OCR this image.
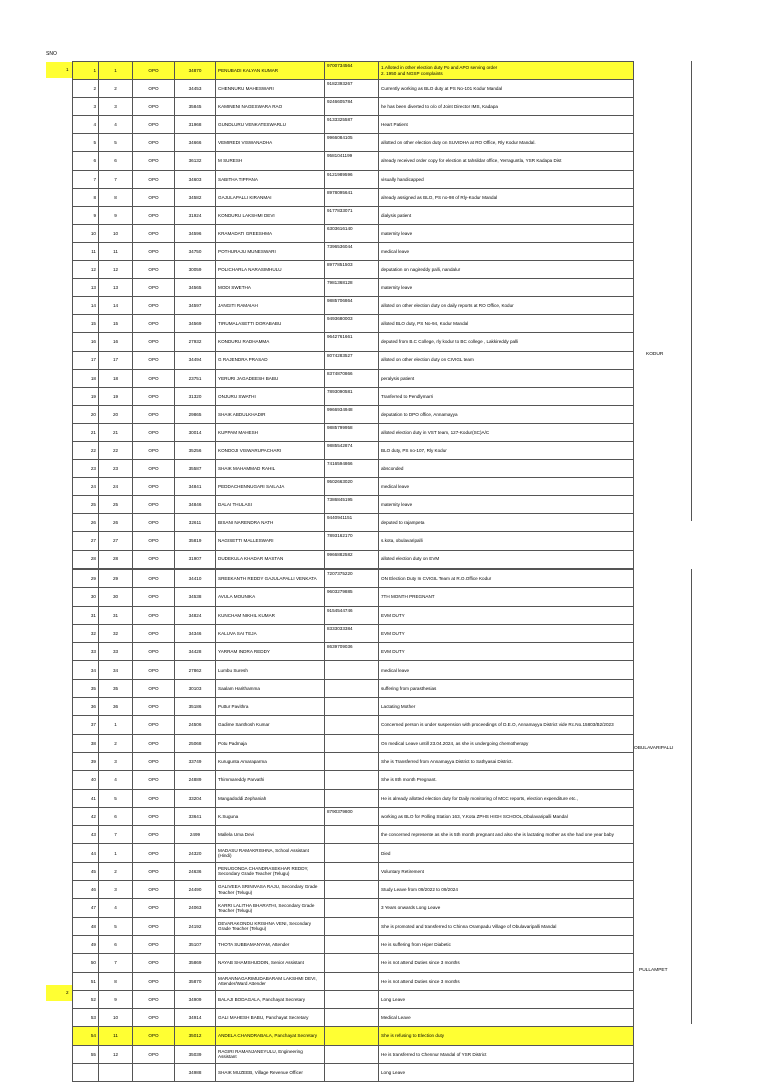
SNO
1
2
1	1	OPO	34870	PENUBADI KALYAN KUMAR	9700734564	1.Alloted in other election duty Po and APO serving order
2. 1950 and NGSP complaints
2	2	OPO	34453	CHENNURU MAHESWARI	9182393267	Currently working as BLO duty at PS No-101 Kodur Mandal
3	3	OPO	35845	KAMINENI NAGESWARA RAO	9246605784	he has been diverted to o/o of Joint Director IMS, Kadapa
4	4	OPO	31968	GUNDLURU VENKATESWARLU	9133325587	Heart Patient
5	5	OPO	34666	VEMIREDI VISWANADHA	9966084105	allotted on other election duty on SUVIDHA at RO Office, Rly Kodur Mandal.
6	6	OPO	36132	M SURESH	9581041199	already received order copy for election at tahsildar office, Yerraguntla, YSR Kadapa Dist
7	7	OPO	34603	SABITHA TIPPANA	9121989596	visually handicapped
8	8	OPO	34582	GAJULAPALLI KIRANMAI	8978095641	already assigned as BLO, PS no-98 of Rly-Kodur Mandal
9	9	OPO	31924	KONDURU LAKSHMI DEVI	9177833071	dialysis patient
10	10	OPO	34596	KRAMADATI GREESHMA	6303616140	maternity leave
11	11	OPO	34750	POTHURAJU MUNESWARI	7396536044	medical leave
12	12	OPO	30059	POLICHARLA NARASIMHULU	8977851503	deputation on nagireddy palli, nandalur
13	13	OPO	34565	MODI SWETHA	7981368128	maternity leave
14	14	OPO	34597	JANGITI RAMAIAH	9885706864	alloted on other election duty on daily reports at RO Office, Kodur
15	15	OPO	34569	TIRUMALASETTI DORABABU	9493680003	alloted BLO duty, PS No-94, Kodur Mandal
16	16	OPO	27932	KONDURU RADHAMMA	9642761661	deputed from B.C College, rly kodur to BC college , Lakkireddy palli
17	17	OPO	34494	G RAJENDRA PRASAD	8074283527	alloted on other election duty on CIVIGL team
18	18	OPO	23751	YERURI JAGADEESH BABU	8374870866	peralysis patient
19	19	OPO	31320	ONJURU SWATHI	7893090581	Tranferred to Pendlymarri
20	20	OPO	29865	SHAIK ABDULKHADIR	9966934948	deputation to DPO office, Annamayya
21	21	OPO	30014	KUPPAM MAHESH	9885799958	alloted election duty in VST team, 127-Kodur(SC)A/C
22	22	OPO	35256	KONDOJI VISWARUPACHARI	9885542874	BLO duty, PS no-107, Rly Kodur
23	23	OPO	35587	SHAIK MAHAMMAD RAHIL	7416594866	absconded
24	24	OPO	34841	PEDDACHENNUGARI SAILAJA	9502663020	medical leave
25	25	OPO	34846	DALAI THULASI	7386845195	maternity leave
26	26	OPO	32611	BISANI NARENDRA NATH	9440941151	deputed to rajampeta
27	27	OPO	35819	NAGISETTI MALLESWARI	7893162170	s.kota, obulavaripalli
28	28	OPO	31907	DUDEKULA KHADAR MASTAN	9966882582	alloted election duty on EVM
29	29	OPO	34410	SREEKANTH REDDY GAJULAPALLI VENKATA	7207375220	ON Election Duty In CVIGIL Team at R.O.Office Kodur
30	30	OPO	34538	AVULA MOUNIKA	9603279885	7TH MONTH PREGNANT
31	31	OPO	34824	KUNCHAM NIKHIL KUMAR	9154544746	EVM DUTY
32	32	OPO	34346	KALUVA SAI TEJA	8333033384	EVM DUTY
33	33	OPO	34428	YARRAM INDRA REDDY	8639709036	EVM DUTY
34	34	OPO	27862	Lumbu Suresh		medical leave
35	35	OPO	30103	Saalam Harithamma		suffering from parasthesias
36	36	OPO	35186	Puttur Pavithra		Lactating Mother
37	1	OPO	24506	Gadime Santhosh Kumar		Concerned person is under suspension with proceedings of D.E.O, Annamayya District vide Rc.No.15803/B2/2023
38	2	OPO	25068	Potu Padmaja		On medical Leave untill 23.04.2024, as she is undergoing chemotherapy
39	3	OPO	33749	Kurugunta Amaraparma		She is Transferred from Annamayya District to Sathyasai District.
40	4	OPO	24889	Thimmareddy Parvathi		She is 8th month Pregnant.
41	5	OPO	33204	Mangadoddi Zephaniah		He is already allotted election duty for Daily monitoring of MCC reports, election expenditure etc.,
42	6	OPO	33641	K.Suguna	8790379800	working as BLO for Polling Station 163, Y.Kota ZPHS HIGH SCHOOL,Obulavaripalli Mandal
43	7	OPO	2499	Mallela Uma Devi		the concerned represente as she is 5th month pregnant and also she is lactating mother as she had one year baby
44	1	OPO	24320	MADASU RAMAKRISHNA, School Assistant (Hindi)		Died
45	2	OPO	24636	PENUGONDA CHANDRASEKHAR REDDY, Secondary Grade Teacher (Telugu)		Voluntary Retirement
46	3	OPO	24490	GALIVEEA SRINIVASA RAJU, Secondary Grade Teacher (Telugu)		Study Leave from 09/2022 to 09/2024
47	4	OPO	24063	KARRI LALITHA BHARATHI, Secondary Grade Teacher (Telugu)		3 Years onwards Long Leave
48	5	OPO	24192	DEVARAKONDU KRISHNA VENI, Secondary Grade Teacher (Telugu)		She is promoted and transferred to Chinna Orampadu Village of Obulavaripalli Mandal
49	6	OPO	35107	THOTA SUBBAMANYAM, Attender		He is suffering from Hiper Diabetic
50	7	OPO	35869	NAYAB SHAMSHUDDIN, Senior Assistant		He is not attend Duties since 3 months
51	8	OPO	35870	MARANNAGARIMUDABARAM LAKSHMI DEVI, Attender/Ward Attender		He is not attend Duties since 3 months
52	9	OPO	34909	BALAJI BODAGALA, Panchayat Secretary		Long Leave
53	10	OPO	34914	GALI MAHESH BABU, Panchayat Secretary		Medical Leave
54	11	OPO	35012	ANDELA CHANDRABALA, Panchayat Secretary		She is refusing to Election duty
55	12	OPO	35039	RAGIRI RAMANJANEYULU, Engineering Assistant		He is transferred to Chennur Mandal of YSR District
			34988	SHAIK MUZEEB, Village Revenue Officer		Long Leave
KODUR
OBULAVARIPALLI
PULLAMPET
